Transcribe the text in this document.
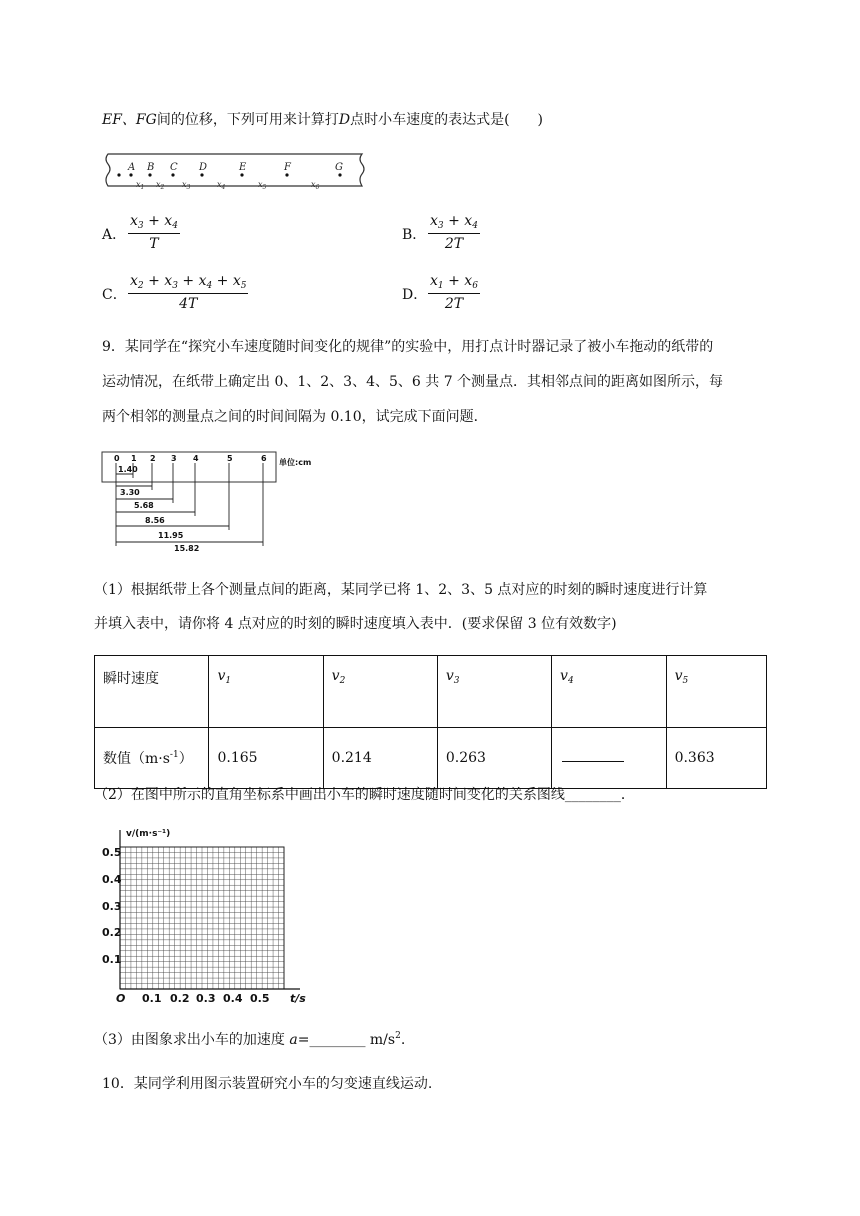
EF、FG间的位移，下列可用来计算打D点时小车速度的表达式是(　　)
A B C D	E	F	G
$x_1$ $x_2$ $x_3$	$x_4$	$x_5$	$x_6$
A． $\frac{x_3 + x_4}{T}$	B． $\frac{x_3 + x_4}{2T}$
C． $\frac{x_2 + x_3 + x_4 + x_5}{4T}$	D． $\frac{x_1 + x_6}{2T}$
9．某同学在“探究小车速度随时间变化的规律”的实验中，用打点计时器记录了被小车拖动的纸带的
运动情况，在纸带上确定出 0、1、2、3、4、5、6 共 7 个测量点．其相邻点间的距离如图所示，每
两个相邻的测量点之间的时间间隔为 0.10，试完成下面问题．
0 1 2 3 4	5	6 单位:cm
1.40
3.30
5.68
8.56
11.95
15.82
（1）根据纸带上各个测量点间的距离，某同学已将 1、2、3、5 点对应的时刻的瞬时速度进行计算
并填入表中，请你将 4 点对应的时刻的瞬时速度填入表中．(要求保留 3 位有效数字)
瞬时速度	$v_1$	$v_2$	$v_3$	$v_4$	$v_5$
数值$(m\cdot s^{-1})$	0.165	0.214	0.263		0.363
（2）在图中所示的直角坐标系中画出小车的瞬时速度随时间变化的关系图线________．
v/(m·s⁻¹)
0.5
0.4
0.3
0.2
0.1
O 0.1 0.2 0.3 0.4 0.5 t/s
（3）由图象求出小车的加速度 a=________ $m/s^2$.
10．某同学利用图示装置研究小车的匀变速直线运动.
